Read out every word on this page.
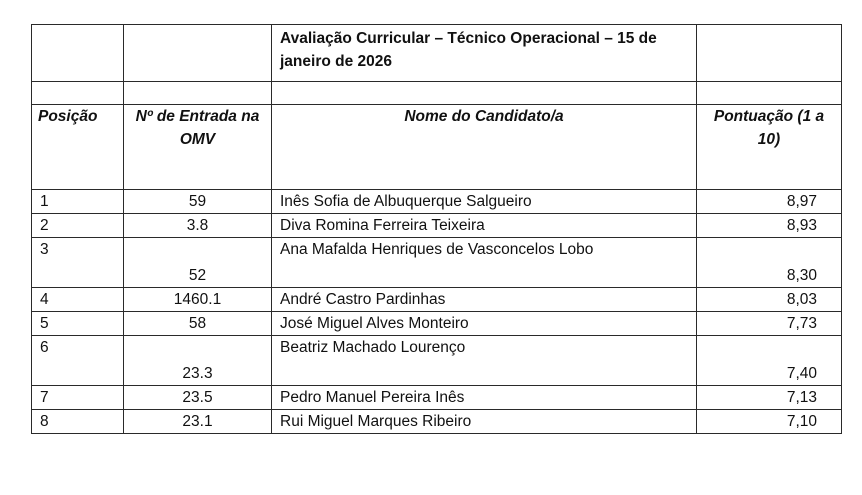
		Avaliação Curricular – Técnico Operacional – 15 de janeiro de 2026	

Posição	Nº de Entrada na OMV	Nome do Candidato/a	Pontuação (1 a 10)
1	59	Inês Sofia de Albuquerque Salgueiro	8,97
2	3.8	Diva Romina Ferreira Teixeira	8,93
3	52	Ana Mafalda Henriques de Vasconcelos Lobo	8,30
4	1460.1	André Castro Pardinhas	8,03
5	58	José Miguel Alves Monteiro	7,73
6	23.3	Beatriz Machado Lourenço	7,40
7	23.5	Pedro Manuel Pereira Inês	7,13
8	23.1	Rui Miguel Marques Ribeiro	7,10
